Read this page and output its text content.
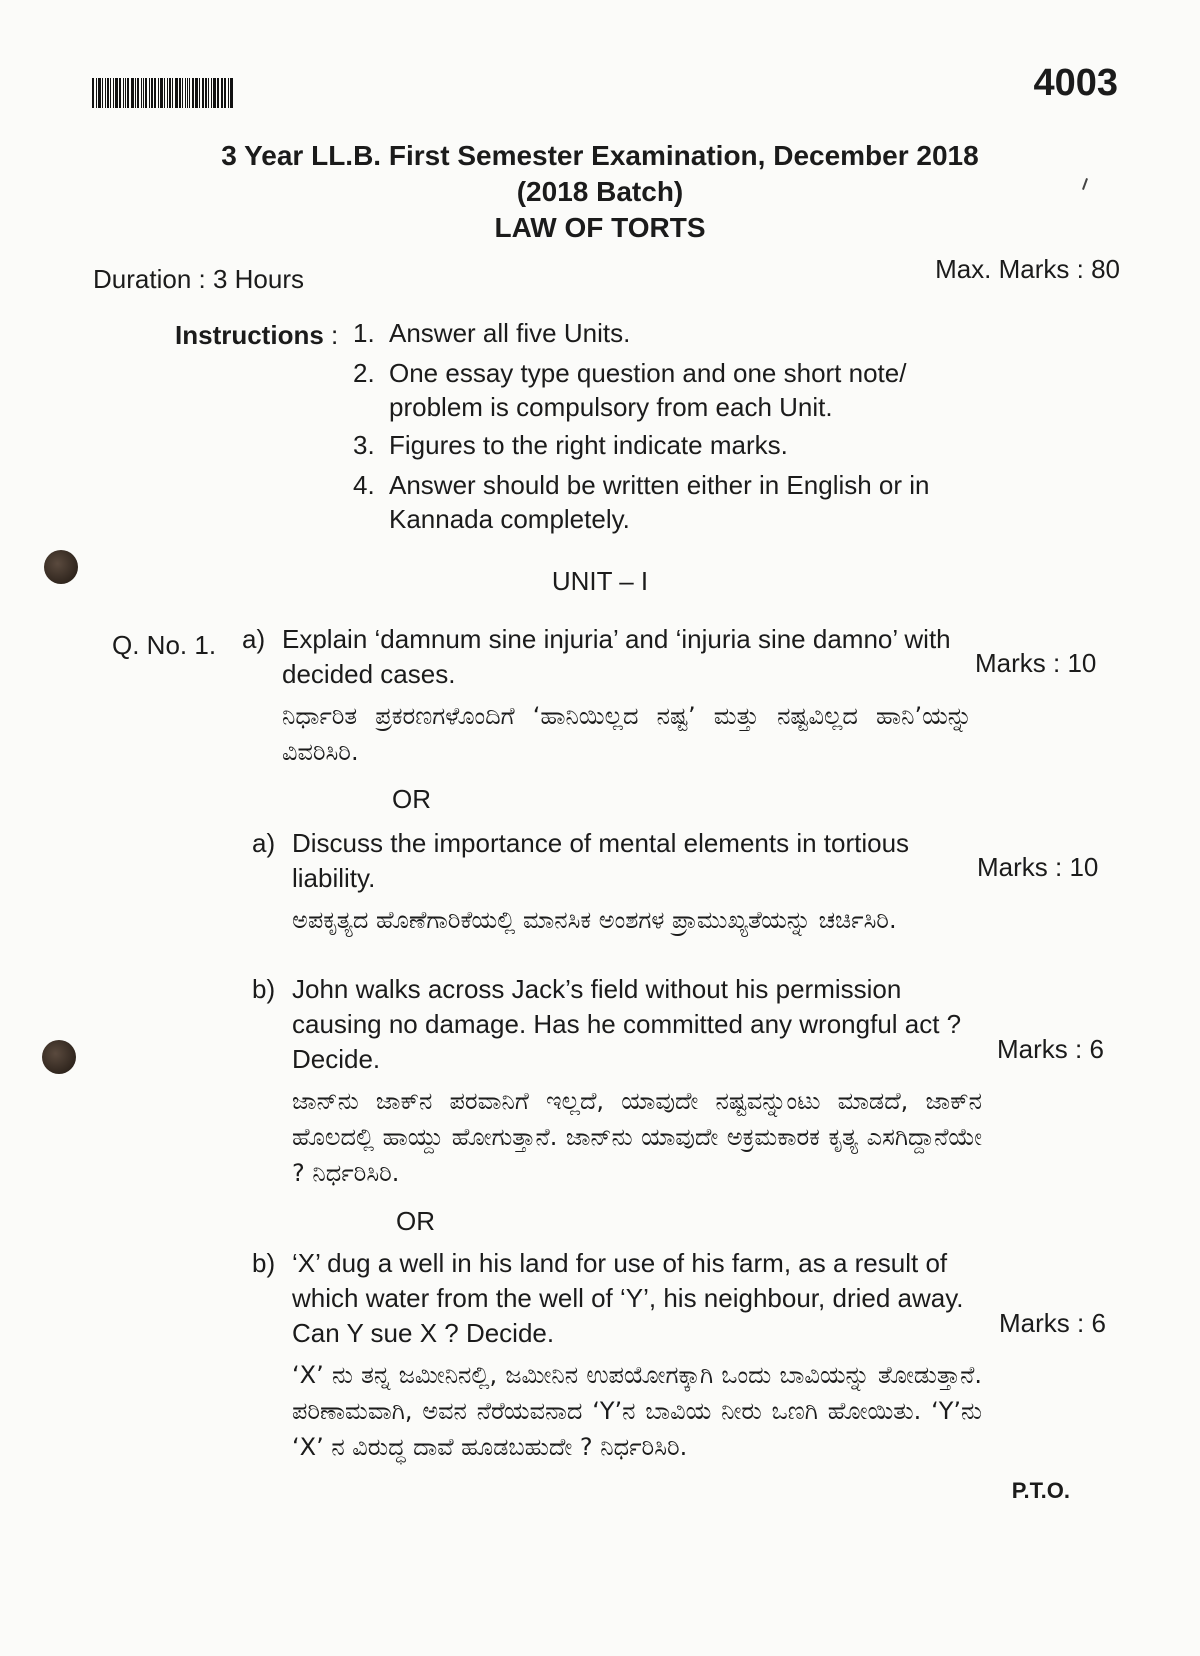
4003
3 Year LL.B. First Semester Examination, December 2018
(2018 Batch)
LAW OF TORTS
Duration : 3 Hours	Max. Marks : 80
Instructions : 1. Answer all five Units.
2. One essay type question and one short note/ problem is compulsory from each Unit.
3. Figures to the right indicate marks.
4. Answer should be written either in English or in Kannada completely.
UNIT – I
Q. No. 1. a) Explain ‘damnum sine injuria’ and ‘injuria sine damno’ with decided cases.
ನಿರ್ಧಾರಿತ ಪ್ರಕರಣಗಳೊಂದಿಗೆ ‘ಹಾನಿಯಿಲ್ಲದ ನಷ್ಟ’ ಮತ್ತು ನಷ್ಟವಿಲ್ಲದ ಹಾನಿ’ಯನ್ನು ವಿವರಿಸಿರಿ.
Marks : 10
OR
a) Discuss the importance of mental elements in tortious liability.
ಅಪಕೃತ್ಯದ ಹೊಣೆಗಾರಿಕೆಯಲ್ಲಿ ಮಾನಸಿಕ ಅಂಶಗಳ ಪ್ರಾಮುಖ್ಯತೆಯನ್ನು ಚರ್ಚಿಸಿರಿ.
Marks : 10
b) John walks across Jack’s field without his permission causing no damage. Has he committed any wrongful act ? Decide.
ಜಾನ್‌ನು ಜಾಕ್‌ನ ಪರವಾನಿಗೆ ಇಲ್ಲದೆ, ಯಾವುದೇ ನಷ್ಟವನ್ನುಂಟು ಮಾಡದೆ, ಜಾಕ್‌ನ ಹೊಲದಲ್ಲಿ ಹಾಯ್ದು ಹೋಗುತ್ತಾನೆ. ಜಾನ್‌ನು ಯಾವುದೇ ಅಕ್ರಮಕಾರಕ ಕೃತ್ಯ ಎಸಗಿದ್ದಾನೆಯೇ ? ನಿರ್ಧರಿಸಿರಿ.
Marks : 6
OR
b) ‘X’ dug a well in his land for use of his farm, as a result of which water from the well of ‘Y’, his neighbour, dried away. Can Y sue X ? Decide.
‘X’ ನು ತನ್ನ ಜಮೀನಿನಲ್ಲಿ, ಜಮೀನಿನ ಉಪಯೋಗಕ್ಕಾಗಿ ಒಂದು ಬಾವಿಯನ್ನು ತೋಡುತ್ತಾನೆ. ಪರಿಣಾಮವಾಗಿ, ಅವನ ನೆರೆಯವನಾದ ‘Y’ನ ಬಾವಿಯ ನೀರು ಒಣಗಿ ಹೋಯಿತು. ‘Y’ನು ‘X’ ನ ವಿರುದ್ಧ ದಾವೆ ಹೂಡಬಹುದೇ ? ನಿರ್ಧರಿಸಿರಿ.
Marks : 6
P.T.O.
